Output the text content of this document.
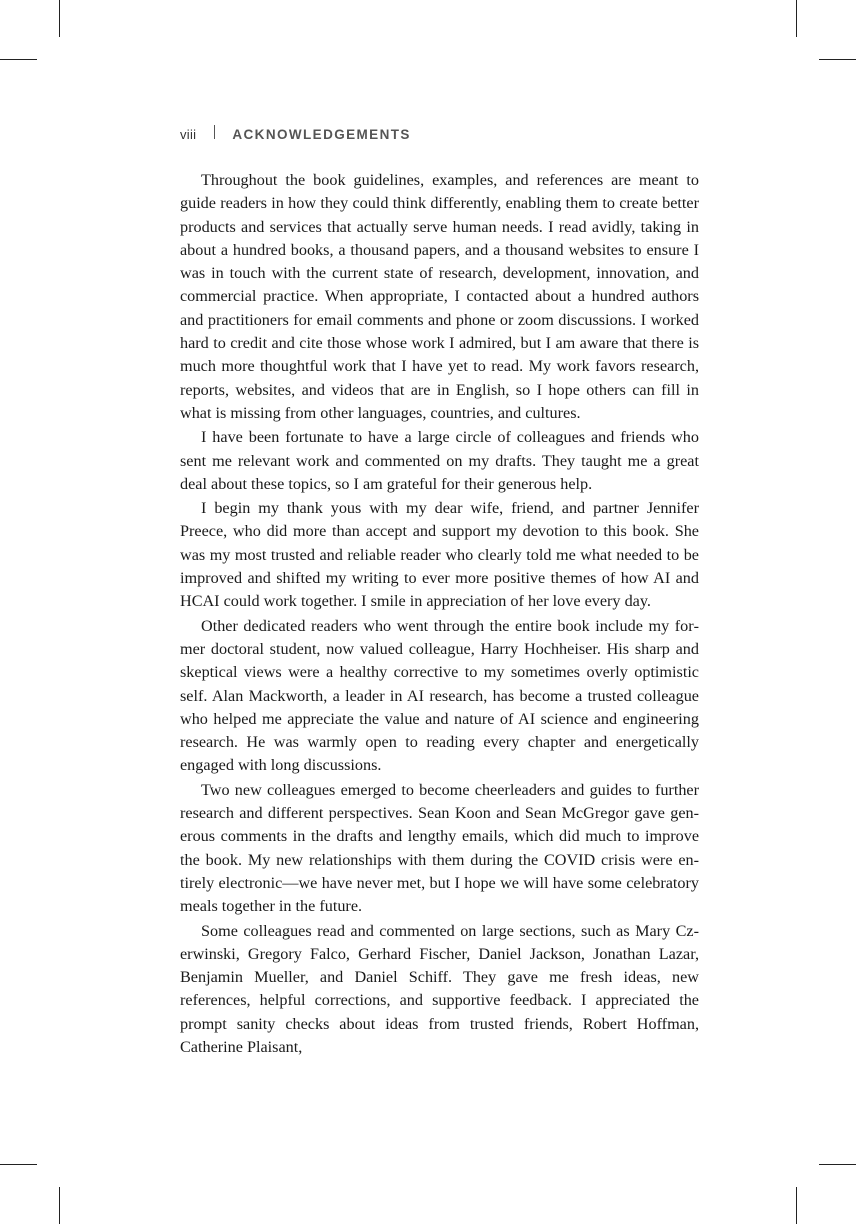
viii	ACKNOWLEDGEMENTS

Throughout the book guidelines, examples, and references are meant to guide readers in how they could think differently, enabling them to create better products and services that actually serve human needs. I read avidly, taking in about a hundred books, a thousand papers, and a thousand websites to ensure I was in touch with the current state of research, development, innovation, and commercial practice. When appropriate, I contacted about a hundred authors and practitioners for email comments and phone or zoom discussions. I worked hard to credit and cite those whose work I admired, but I am aware that there is much more thoughtful work that I have yet to read. My work favors research, reports, websites, and videos that are in English, so I hope others can fill in what is missing from other languages, countries, and cultures.

I have been fortunate to have a large circle of colleagues and friends who sent me relevant work and commented on my drafts. They taught me a great deal about these topics, so I am grateful for their generous help.

I begin my thank yous with my dear wife, friend, and partner Jennifer Preece, who did more than accept and support my devotion to this book. She was my most trusted and reliable reader who clearly told me what needed to be improved and shifted my writing to ever more positive themes of how AI and HCAI could work together. I smile in appreciation of her love every day.

Other dedicated readers who went through the entire book include my former doctoral student, now valued colleague, Harry Hochheiser. His sharp and skeptical views were a healthy corrective to my sometimes overly optimistic self. Alan Mackworth, a leader in AI research, has become a trusted colleague who helped me appreciate the value and nature of AI science and engineering research. He was warmly open to reading every chapter and energetically engaged with long discussions.

Two new colleagues emerged to become cheerleaders and guides to further research and different perspectives. Sean Koon and Sean McGregor gave generous comments in the drafts and lengthy emails, which did much to improve the book. My new relationships with them during the COVID crisis were entirely electronic—we have never met, but I hope we will have some celebratory meals together in the future.

Some colleagues read and commented on large sections, such as Mary Czerwinski, Gregory Falco, Gerhard Fischer, Daniel Jackson, Jonathan Lazar, Benjamin Mueller, and Daniel Schiff. They gave me fresh ideas, new references, helpful corrections, and supportive feedback. I appreciated the prompt sanity checks about ideas from trusted friends, Robert Hoffman, Catherine Plaisant,
